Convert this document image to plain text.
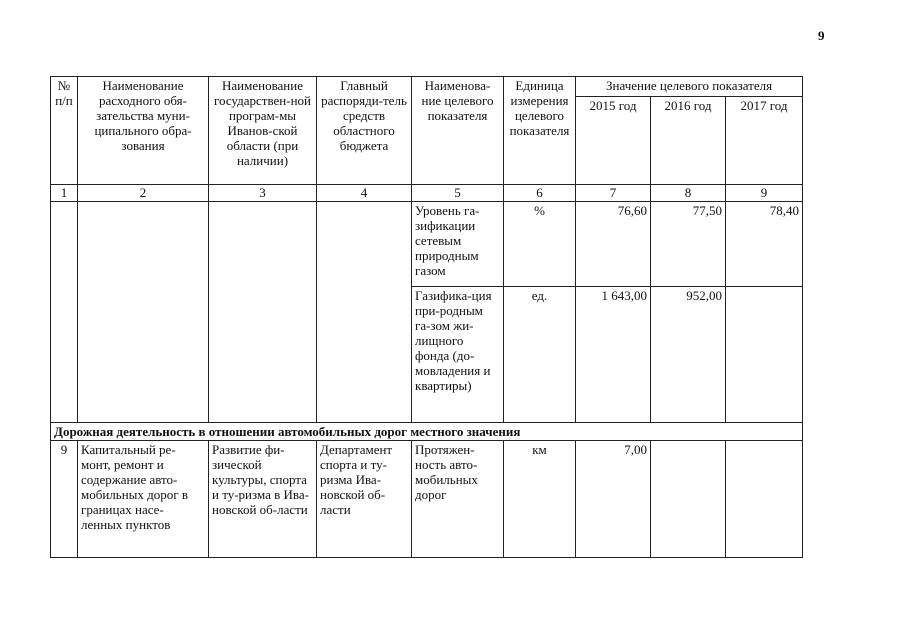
9
№ п/п	Наименование расходного обя-зательства муни-ципального обра-зования	Наименование государствен-ной програм-мы Иванов-ской области (при наличии)	Главный распоряди-тель средств областного бюджета	Наименова-ние целевого показателя	Единица измерения целевого показателя	Значение целевого показателя		
						2015 год	2016 год	2017 год
1	2	3	4	5	6	7	8	9
				Уровень га-зификации сетевым природным газом	%	76,60	77,50	78,40
				Газифика-ция при-родным га-зом жи-лищного фонда (до-мовладения и квартиры)	ед.	1 643,00	952,00	
Дорожная деятельность в отношении автомобильных дорог местного значения								
9	Капитальный ре-монт, ремонт и содержание авто-мобильных дорог в границах насе-ленных пунктов	Развитие фи-зической культуры, спорта и ту-ризма в Ива-новской об-ласти	Департамент спорта и ту-ризма Ива-новской об-ласти	Протяжен-ность авто-мобильных дорог	км	7,00		
